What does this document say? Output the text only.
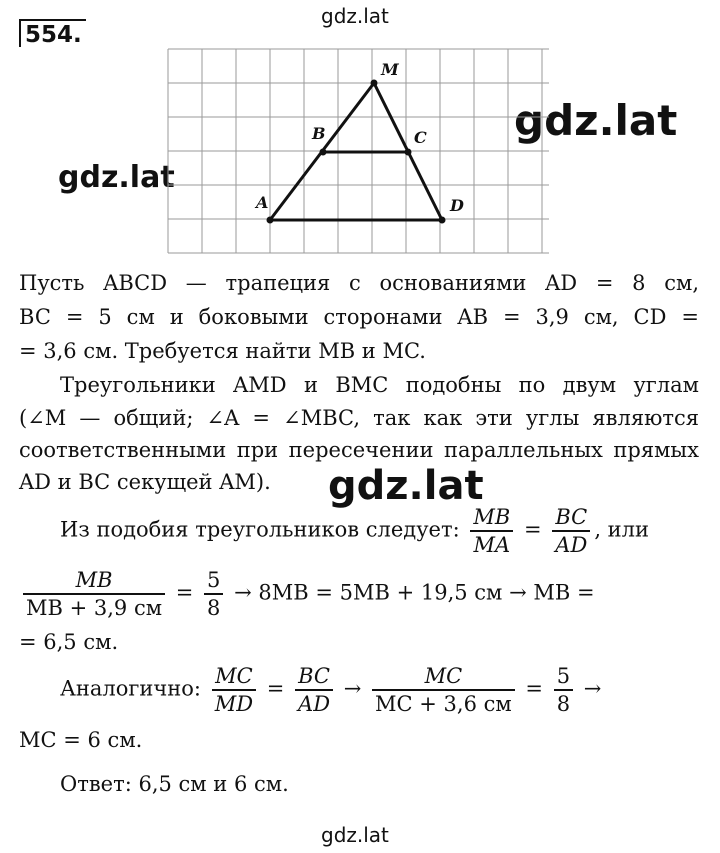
gdz.lat
gdz.lat
gdz.lat
gdz.lat
gdz.lat
554.
M
B	C
A	D
Пусть ABCD — трапеция с основаниями AD = 8 см,
BC = 5 см и боковыми сторонами AB = 3,9 см, CD =
= 3,6 см. Требуется найти MB и MC.
Треугольники AMD и BMC подобны по двум углам
(∠M — общий; ∠A = ∠MBC, так как эти углы являются
соответственными при пересечении параллельных прямых
AD и BC секущей AM).
Из подобия треугольников следует: $\frac{MB}{MA} = \frac{BC}{AD}$ , или
$\frac{MB}{MB + 3,9 см} = \frac{5}{8} \to 8MB = 5MB + 19,5$ см → MB =
= 6,5 см.
Аналогично: $\frac{MC}{MD} = \frac{BC}{AD} \to \frac{MC}{MC + 3,6 см} = \frac{5}{8}$ →
MC = 6 см.
Ответ: 6,5 см и 6 см.
